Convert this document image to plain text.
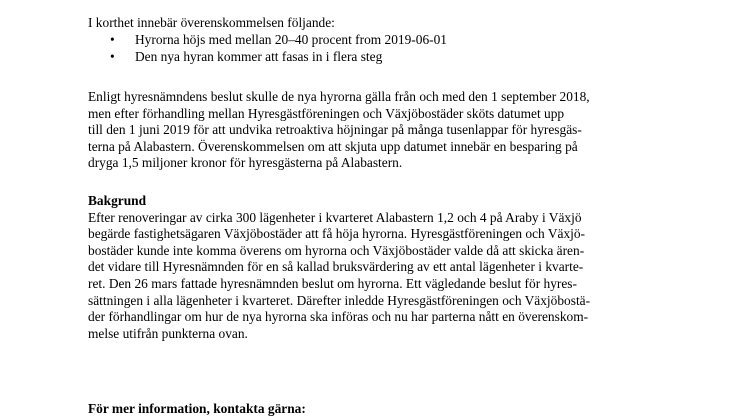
I korthet innebär överenskommelsen följande:

• Hyrorna höjs med mellan 20–40 procent from 2019-06-01
• Den nya hyran kommer att fasas in i flera steg
Enligt hyresnämndens beslut skulle de nya hyrorna gälla från och med den 1 september 2018,
men efter förhandling mellan Hyresgästföreningen och Växjöbostäder sköts datumet upp
till den 1 juni 2019 för att undvika retroaktiva höjningar på många tusenlappar för hyresgäs-
terna på Alabastern. Överenskommelsen om att skjuta upp datumet innebär en besparing på
dryga 1,5 miljoner kronor för hyresgästerna på Alabastern.
Bakgrund
Efter renoveringar av cirka 300 lägenheter i kvarteret Alabastern 1,2 och 4 på Araby i Växjö
begärde fastighetsägaren Växjöbostäder att få höja hyrorna. Hyresgästföreningen och Växjö-
bostäder kunde inte komma överens om hyrorna och Växjöbostäder valde då att skicka ären-
det vidare till Hyresnämnden för en så kallad bruksvärdering av ett antal lägenheter i kvarte-
ret. Den 26 mars fattade hyresnämnden beslut om hyrorna. Ett vägledande beslut för hyres-
sättningen i alla lägenheter i kvarteret. Därefter inledde Hyresgästföreningen och Växjöbostä-
der förhandlingar om hur de nya hyrorna ska införas och nu har parterna nått en överenskom-
melse utifrån punkterna ovan.

För mer information, kontakta gärna:
